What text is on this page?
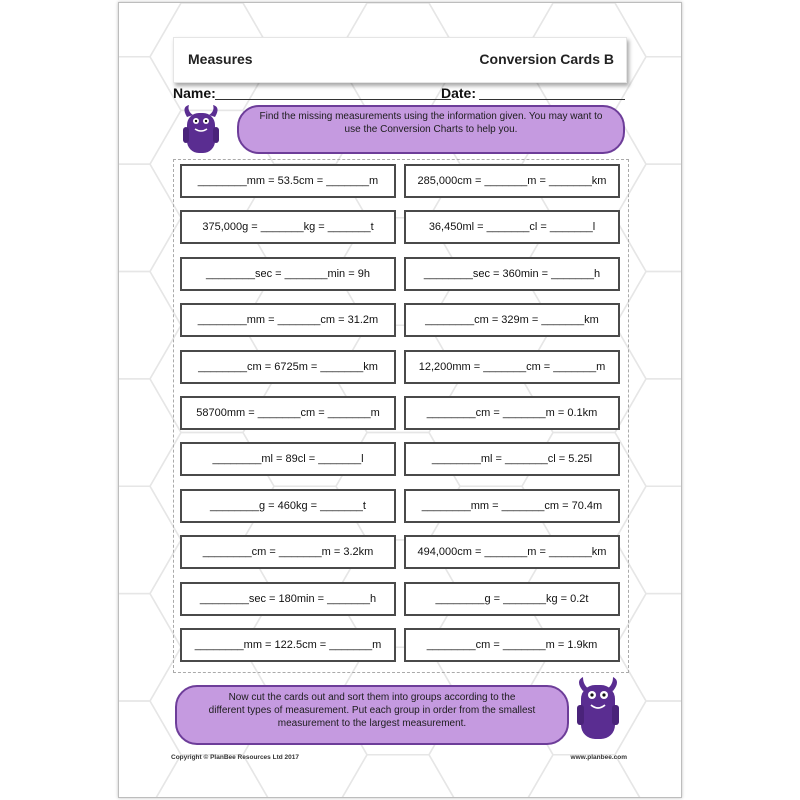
Measures	Conversion Cards B
Name:	Date:

Find the missing measurements using the information given. You may want to

use the Conversion Charts to help you.

________mm = 53.5cm = _______m	285,000cm = _______m = _______km
375,000g = _______kg = _______t	36,450ml = _______cl = _______l
________sec = _______min = 9h	________sec = 360min = _______h
________mm = _______cm = 31.2m	________cm = 329m = _______km
________cm = 6725m = _______km	12,200mm = _______cm = _______m
58700mm = _______cm = _______m	________cm = _______m = 0.1km
________ml = 89cl = _______l	________ml = _______cl = 5.25l
________g = 460kg = _______t	________mm = _______cm = 70.4m
________cm = _______m = 3.2km	494,000cm = _______m = _______km
________sec = 180min = _______h	________g = _______kg = 0.2t
________mm = 122.5cm = _______m	________cm = _______m = 1.9km

Now cut the cards out and sort them into groups according to the

different types of measurement. Put each group in order from the smallest

measurement to the largest measurement.

Copyright © PlanBee Resources Ltd 2017	www.planbee.com
